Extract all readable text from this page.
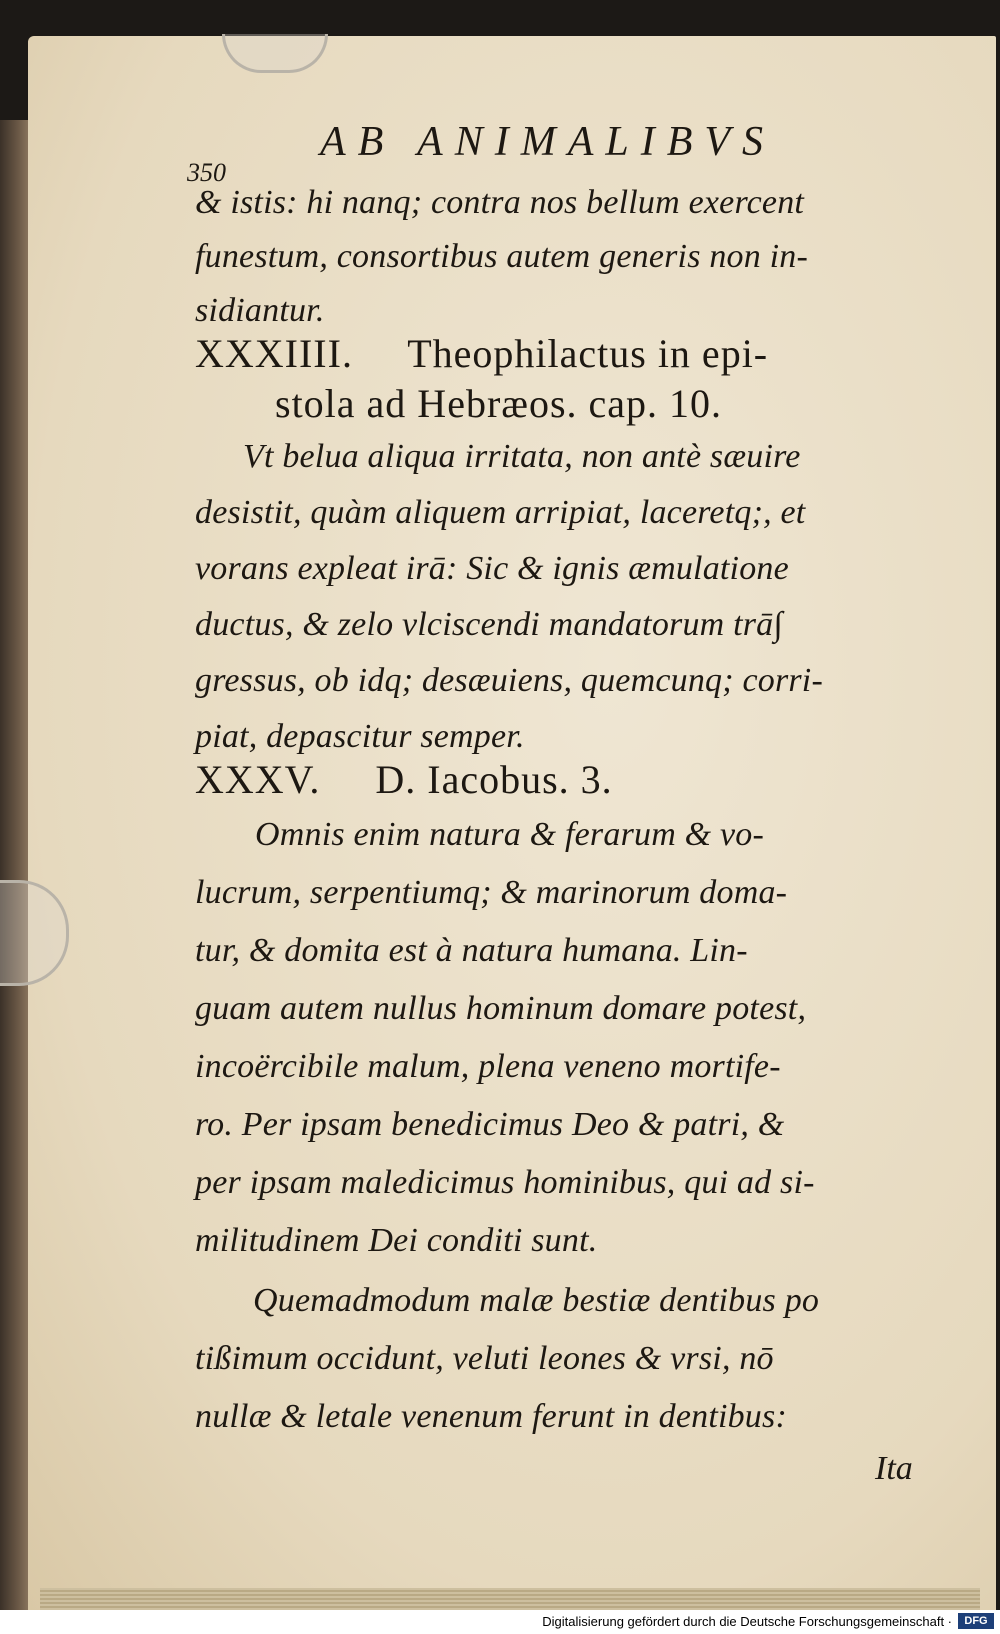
350
AB ANIMALIBVS
& istis: hi nanq; contra nos bellum exercent
funestum, consortibus autem generis non in-
sidiantur.
XXXIIII.     Theophilactus in epi-
stola ad Hebræos. cap. 10.
Vt belua aliqua irritata, non antè sæuire
desistit, quàm aliquem arripiat, laceretq;, et
vorans expleat irā: Sic & ignis æmulatione
ductus, & zelo vlciscendi mandatorum trā∫
gressus, ob idq; desæuiens, quemcunq; corri-
piat, depascitur semper.
XXXV.     D. Iacobus. 3.
Omnis enim natura & ferarum & vo-
lucrum, serpentiumq; & marinorum doma-
tur, & domita est à natura humana. Lin-
guam autem nullus hominum domare potest,
incoërcibile malum, plena veneno mortife-
ro. Per ipsam benedicimus Deo & patri, &
per ipsam maledicimus hominibus, qui ad si-
militudinem Dei conditi sunt.
Quemadmodum malæ bestiæ dentibus po
tißimum occidunt, veluti leones & vrsi, nō
nullæ & letale venenum ferunt in dentibus:
Ita
Digitalisierung gefördert durch die Deutsche Forschungsgemeinschaft ·	DFG
